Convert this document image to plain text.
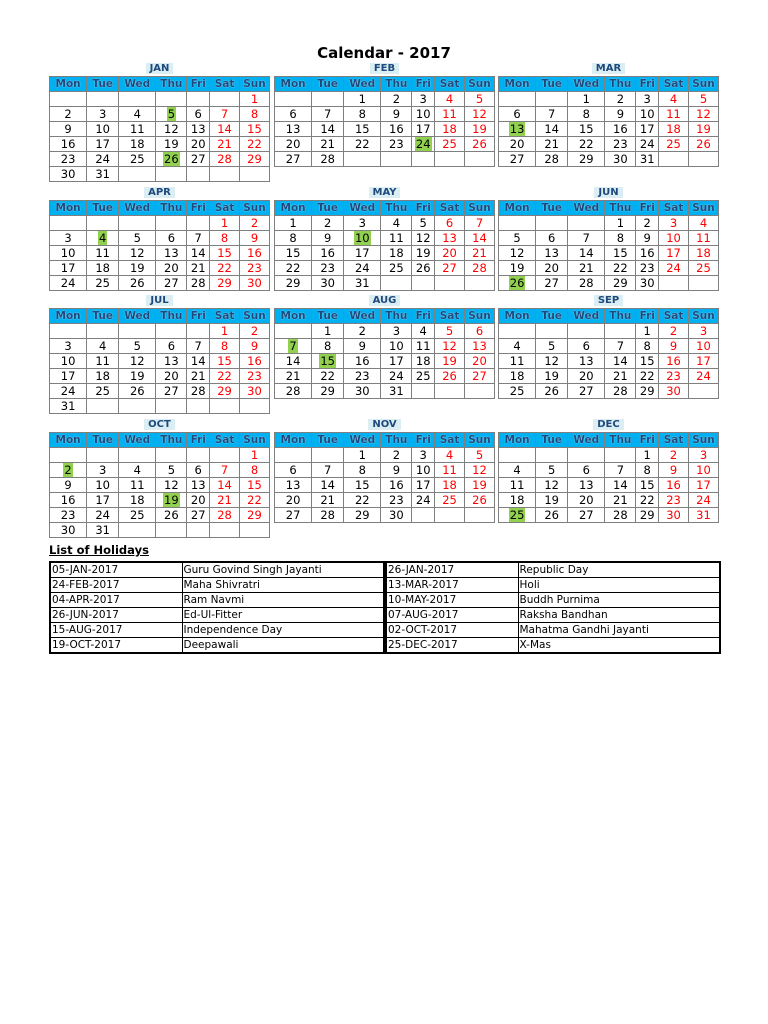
Calendar - 2017
JAN
Mon	Tue	Wed	Thu	Fri	Sat	Sun
						1
2	3	4	5	6	7	8
9	10	11	12	13	14	15
16	17	18	19	20	21	22
23	24	25	26	27	28	29
30	31					
FEB
Mon	Tue	Wed	Thu	Fri	Sat	Sun
		1	2	3	4	5
6	7	8	9	10	11	12
13	14	15	16	17	18	19
20	21	22	23	24	25	26
27	28					
MAR
Mon	Tue	Wed	Thu	Fri	Sat	Sun
		1	2	3	4	5
6	7	8	9	10	11	12
13	14	15	16	17	18	19
20	21	22	23	24	25	26
27	28	29	30	31		
APR
Mon	Tue	Wed	Thu	Fri	Sat	Sun
					1	2
3	4	5	6	7	8	9
10	11	12	13	14	15	16
17	18	19	20	21	22	23
24	25	26	27	28	29	30
MAY
Mon	Tue	Wed	Thu	Fri	Sat	Sun
1	2	3	4	5	6	7
8	9	10	11	12	13	14
15	16	17	18	19	20	21
22	23	24	25	26	27	28
29	30	31				
JUN
Mon	Tue	Wed	Thu	Fri	Sat	Sun
			1	2	3	4
5	6	7	8	9	10	11
12	13	14	15	16	17	18
19	20	21	22	23	24	25
26	27	28	29	30		
JUL
Mon	Tue	Wed	Thu	Fri	Sat	Sun
					1	2
3	4	5	6	7	8	9
10	11	12	13	14	15	16
17	18	19	20	21	22	23
24	25	26	27	28	29	30
31						
AUG
Mon	Tue	Wed	Thu	Fri	Sat	Sun
	1	2	3	4	5	6
7	8	9	10	11	12	13
14	15	16	17	18	19	20
21	22	23	24	25	26	27
28	29	30	31			
SEP
Mon	Tue	Wed	Thu	Fri	Sat	Sun
				1	2	3
4	5	6	7	8	9	10
11	12	13	14	15	16	17
18	19	20	21	22	23	24
25	26	27	28	29	30	
OCT
Mon	Tue	Wed	Thu	Fri	Sat	Sun
						1
2	3	4	5	6	7	8
9	10	11	12	13	14	15
16	17	18	19	20	21	22
23	24	25	26	27	28	29
30	31					
NOV
Mon	Tue	Wed	Thu	Fri	Sat	Sun
		1	2	3	4	5
6	7	8	9	10	11	12
13	14	15	16	17	18	19
20	21	22	23	24	25	26
27	28	29	30			
DEC
Mon	Tue	Wed	Thu	Fri	Sat	Sun
				1	2	3
4	5	6	7	8	9	10
11	12	13	14	15	16	17
18	19	20	21	22	23	24
25	26	27	28	29	30	31
List of Holidays
05-JAN-2017	Guru Govind Singh Jayanti
24-FEB-2017	Maha Shivratri
04-APR-2017	Ram Navmi
26-JUN-2017	Ed-Ul-Fitter
15-AUG-2017	Independence Day
19-OCT-2017	Deepawali
26-JAN-2017	Republic Day
13-MAR-2017	Holi
10-MAY-2017	Buddh Purnima
07-AUG-2017	Raksha Bandhan
02-OCT-2017	Mahatma Gandhi Jayanti
25-DEC-2017	X-Mas
